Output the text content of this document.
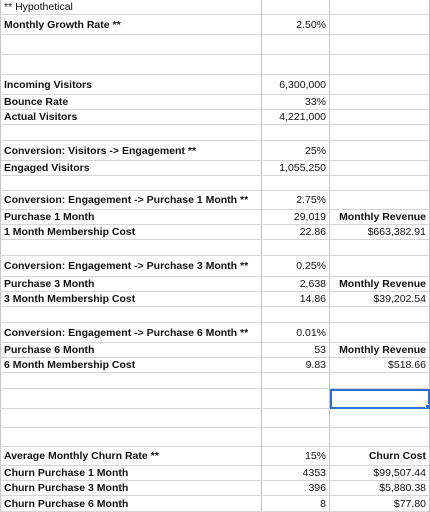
** Hypothetical
Monthly Growth Rate **	2.50%
Incoming Visitors	6,300,000
Bounce Rate	33%
Actual Visitors	4,221,000
Conversion: Visitors -> Engagement **	25%
Engaged Visitors	1,055,250
Conversion: Engagement -> Purchase 1 Month **	2.75%
Purchase 1 Month	29,019	Monthly Revenue
1 Month Membership Cost	22.86	$663,382.91
Conversion: Engagement -> Purchase 3 Month **	0.25%
Purchase 3 Month	2,638	Monthly Revenue
3 Month Membership Cost	14.86	$39,202.54
Conversion: Engagement -> Purchase 6 Month **	0.01%
Purchase 6 Month	53	Monthly Revenue
6 Month Membership Cost	9.83	$518.66
Average Monthly Churn Rate **	15%	Churn Cost
Churn Purchase 1 Month	4353	$99,507.44
Churn Purchase 3 Month	396	$5,880.38
Churn Purchase 6 Month	8	$77.80
